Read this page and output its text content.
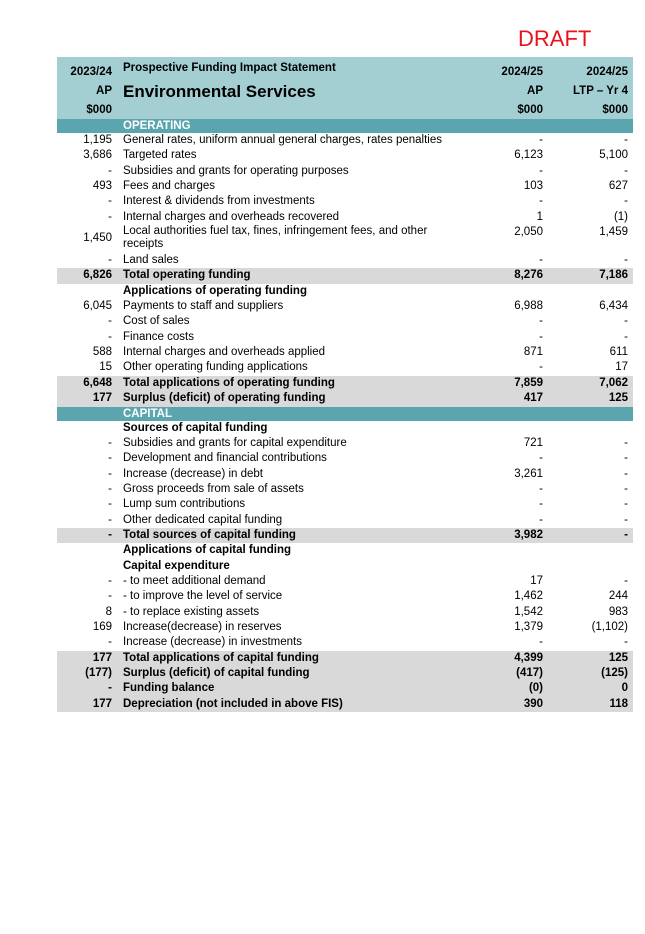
DRAFT
2023/24	Prospective Funding Impact Statement	2024/25	2024/25
AP	Environmental Services	AP	LTP – Yr 4
$000		$000	$000
	OPERATING		
1,195	General rates, uniform annual general charges, rates penalties	-	-
3,686	Targeted rates	6,123	5,100
-	Subsidies and grants for operating purposes	-	-
493	Fees and charges	103	627
-	Interest & dividends from investments	-	-
-	Internal charges and overheads recovered	1	(1)
1,450	Local authorities fuel tax, fines, infringement fees, and other receipts	2,050	1,459
-	Land sales	-	-
6,826	Total operating funding	8,276	7,186
	Applications of operating funding		
6,045	Payments to staff and suppliers	6,988	6,434
-	Cost of sales	-	-
-	Finance costs	-	-
588	Internal charges and overheads applied	871	611
15	Other operating funding applications	-	17
6,648	Total applications of operating funding	7,859	7,062
177	Surplus (deficit) of operating funding	417	125
	CAPITAL		
	Sources of capital funding		
-	Subsidies and grants for capital expenditure	721	-
-	Development and financial contributions	-	-
-	Increase (decrease) in debt	3,261	-
-	Gross proceeds from sale of assets	-	-
-	Lump sum contributions	-	-
-	Other dedicated capital funding	-	-
-	Total sources of capital funding	3,982	-
	Applications of capital funding		
	Capital expenditure		
-	- to meet additional demand	17	-
-	- to improve the level of service	1,462	244
8	- to replace existing assets	1,542	983
169	Increase(decrease) in reserves	1,379	(1,102)
-	Increase (decrease) in investments	-	-
177	Total applications of capital funding	4,399	125
(177)	Surplus (deficit) of capital funding	(417)	(125)
-	Funding balance	(0)	0
177	Depreciation (not included in above FIS)	390	118
